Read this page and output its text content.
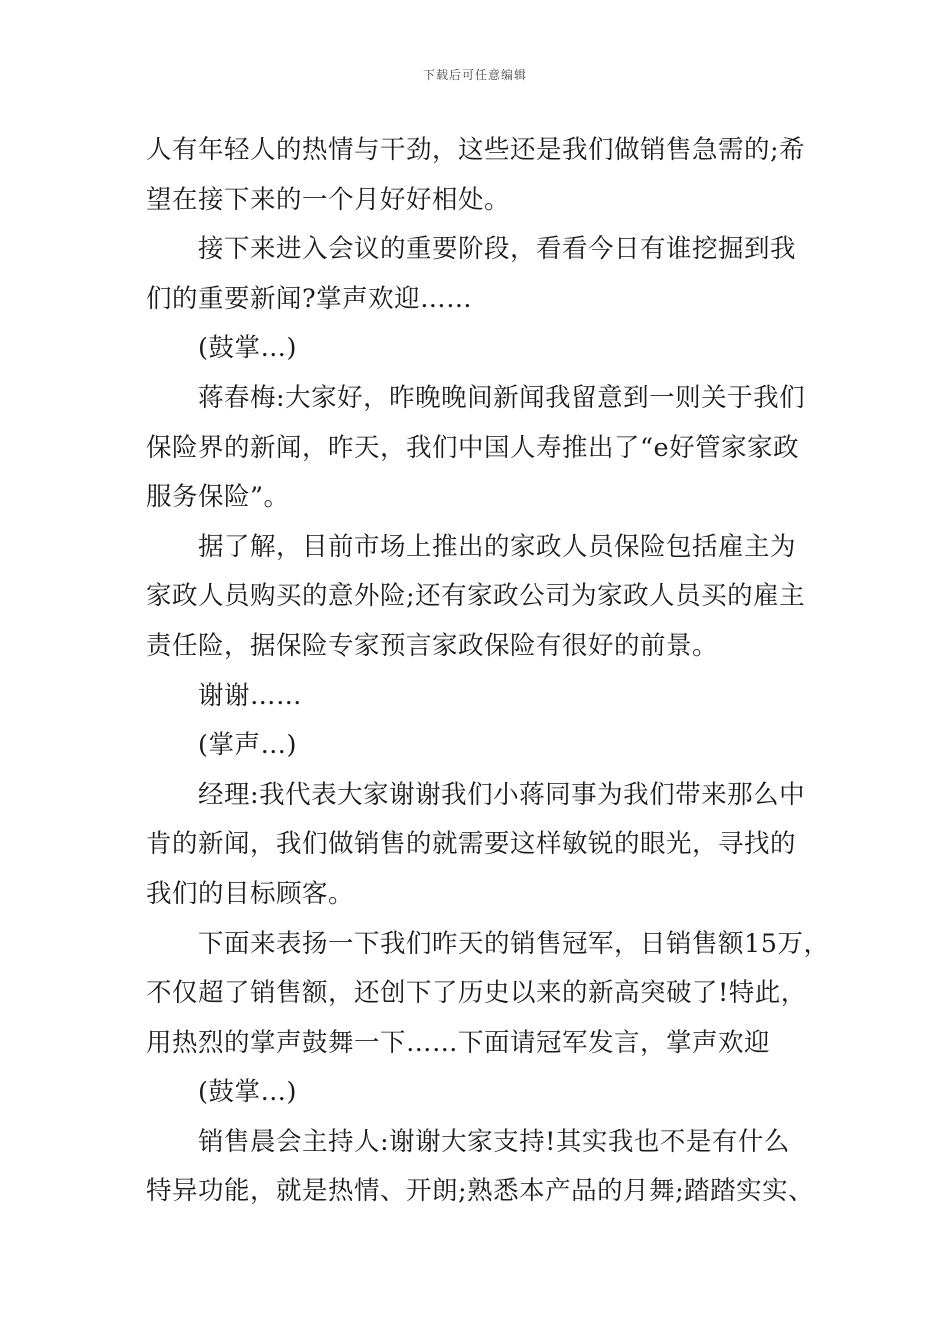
下载后可任意编辑
人有年轻人的热情与干劲，这些还是我们做销售急需的;希
望在接下来的一个月好好相处。
接下来进入会议的重要阶段，看看今日有谁挖掘到我
们的重要新闻?掌声欢迎……
(鼓掌…)
蒋春梅:大家好，昨晚晚间新闻我留意到一则关于我们
保险界的新闻，昨天，我们中国人寿推出了“e好管家家政
服务保险”。
据了解，目前市场上推出的家政人员保险包括雇主为
家政人员购买的意外险;还有家政公司为家政人员买的雇主
责任险，据保险专家预言家政保险有很好的前景。
谢谢……
(掌声…)
经理:我代表大家谢谢我们小蒋同事为我们带来那么中
肯的新闻，我们做销售的就需要这样敏锐的眼光，寻找的
我们的目标顾客。
下面来表扬一下我们昨天的销售冠军，日销售额15万，
不仅超了销售额，还创下了历史以来的新高突破了!特此，
用热烈的掌声鼓舞一下……下面请冠军发言，掌声欢迎
(鼓掌…)
销售晨会主持人:谢谢大家支持!其实我也不是有什么
特异功能，就是热情、开朗;熟悉本产品的月舞;踏踏实实、
